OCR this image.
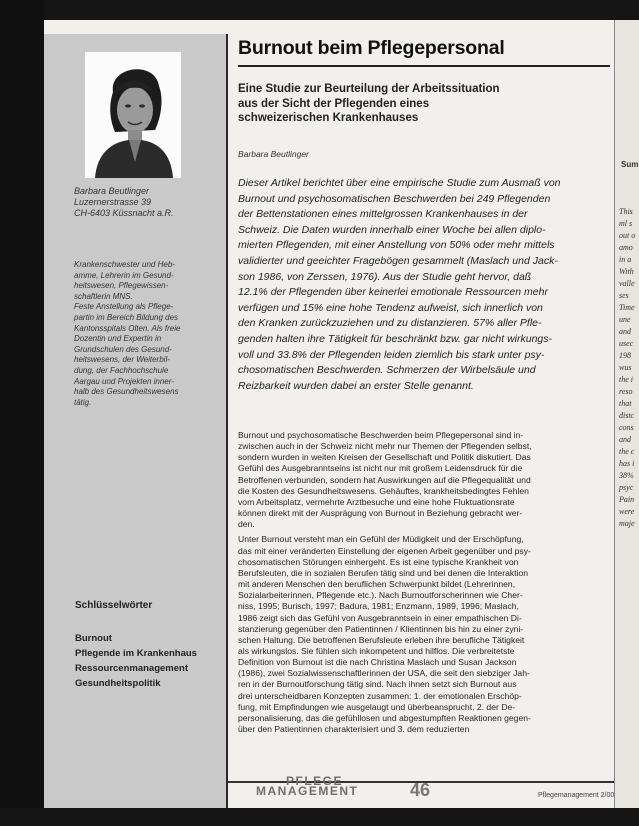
Sum
This
ml s
out o
amo
in a
With
valle
ses
Time
une
and
usec
198
wus
the i
reso
that
distc
cons
and
the c
has i
38%
psyc
Pain
were
maje
Barbara Beutlinger
Luzernerstrasse 39
CH-6403 Küssnacht a.R.
Krankenschwester und Heb-
amme, Lehrerin im Gesund-
heitswesen, Pflegewissen-
schaftlerin MNS.
Feste Anstellung als Pflege-
partin im Bereich Bildung des
Kantonsspitals Olten. Als freie
Dozentin und Expertin in
Grundschulen des Gesund-
heitswesens, der Weiterbil-
dung, der Fachhochschule
Aargau und Projekten inner-
halb des Gesundheitswesens
tätig.
Schlüsselwörter
Burnout
Pflegende im Krankenhaus
Ressourcenmanagement
Gesundheitspolitik
Burnout beim Pflegepersonal
Eine Studie zur Beurteilung der Arbeitssituation
aus der Sicht der Pflegenden eines
schweizerischen Krankenhauses
Barbara Beutlinger
Dieser Artikel berichtet über eine empirische Studie zum Ausmaß von
Burnout und psychosomatischen Beschwerden bei 249 Pflegenden
der Bettenstationen eines mittelgrossen Krankenhauses in der
Schweiz. Die Daten wurden innerhalb einer Woche bei allen diplo-
mierten Pflegenden, mit einer Anstellung von 50% oder mehr mittels
validierter und geeichter Fragebögen gesammelt (Maslach und Jack-
son 1986, von Zerssen, 1976). Aus der Studie geht hervor, daß
12.1% der Pflegenden über keinerlei emotionale Ressourcen mehr
verfügen und 15% eine hohe Tendenz aufweist, sich innerlich von
den Kranken zurückzuziehen und zu distanzieren. 57% aller Pfle-
genden halten ihre Tätigkeit für beschränkt bzw. gar nicht wirkungs-
voll und 33.8% der Pflegenden leiden ziemlich bis stark unter psy-
chosomatischen Beschwerden. Schmerzen der Wirbelsäule und
Reizbarkeit wurden dabei an erster Stelle genannt.
Burnout und psychosomatische Beschwerden beim Pflegepersonal sind in-
zwischen auch in der Schweiz nicht mehr nur Themen der Pflegenden selbst,
sondern wurden in weiten Kreisen der Gesellschaft und Politik diskutiert. Das
Gefühl des Ausgebranntseins ist nicht nur mit großem Leidensdruck für die
Betroffenen verbunden, sondern hat Auswirkungen auf die Pflegequalität und
die Kosten des Gesundheitswesens. Gehäuftes, krankheitsbedingtes Fehlen
vom Arbeitsplatz, vermehrte Arztbesuche und eine hohe Fluktuationsrate
können direkt mit der Ausprägung von Burnout in Beziehung gebracht wer-
den.
Unter Burnout versteht man ein Gefühl der Müdigkeit und der Erschöpfung,
das mit einer veränderten Einstellung der eigenen Arbeit gegenüber und psy-
chosomatischen Störungen einhergeht. Es ist eine typische Krankheit von
Berufsleuten, die in sozialen Berufen tätig sind und bei denen die Interaktion
mit anderen Menschen den beruflichen Schwerpunkt bildet (Lehrerinnen,
Sozialarbeiterinnen, Pflegende etc.). Nach Burnoutforscherinnen wie Cher-
niss, 1995; Burisch, 1997; Badura, 1981; Enzmann, 1989, 1996; Maslach,
1986 zeigt sich das Gefühl von Ausgebranntsein in einer empathischen Di-
stanzierung gegenüber den Patientinnen / Klientinnen bis hin zu einer zyni-
schen Haltung. Die betroffenen Berufsleute erleben ihre berufliche Tätigkeit
als wirkungslos. Sie fühlen sich inkompetent und hilflos. Die verbreitetste
Definition von Burnout ist die nach Christina Maslach und Susan Jackson
(1986), zwei Sozialwissenschaftlerinnen der USA, die seit den siebziger Jah-
ren in der Burnoutforschung tätig sind. Nach ihnen setzt sich Burnout aus
drei unterscheidbaren Konzepten zusammen: 1. der emotionalen Erschöp-
fung, mit Empfindungen wie ausgelaugt und überbeansprucht. 2. der De-
personalisierung, das die gefühllosen und abgestumpften Reaktionen gegen-
über den Patientinnen charakterisiert und 3. dem reduzierten
PFLEGE
MANAGEMENT	46	Pflegemanagement 2/00
